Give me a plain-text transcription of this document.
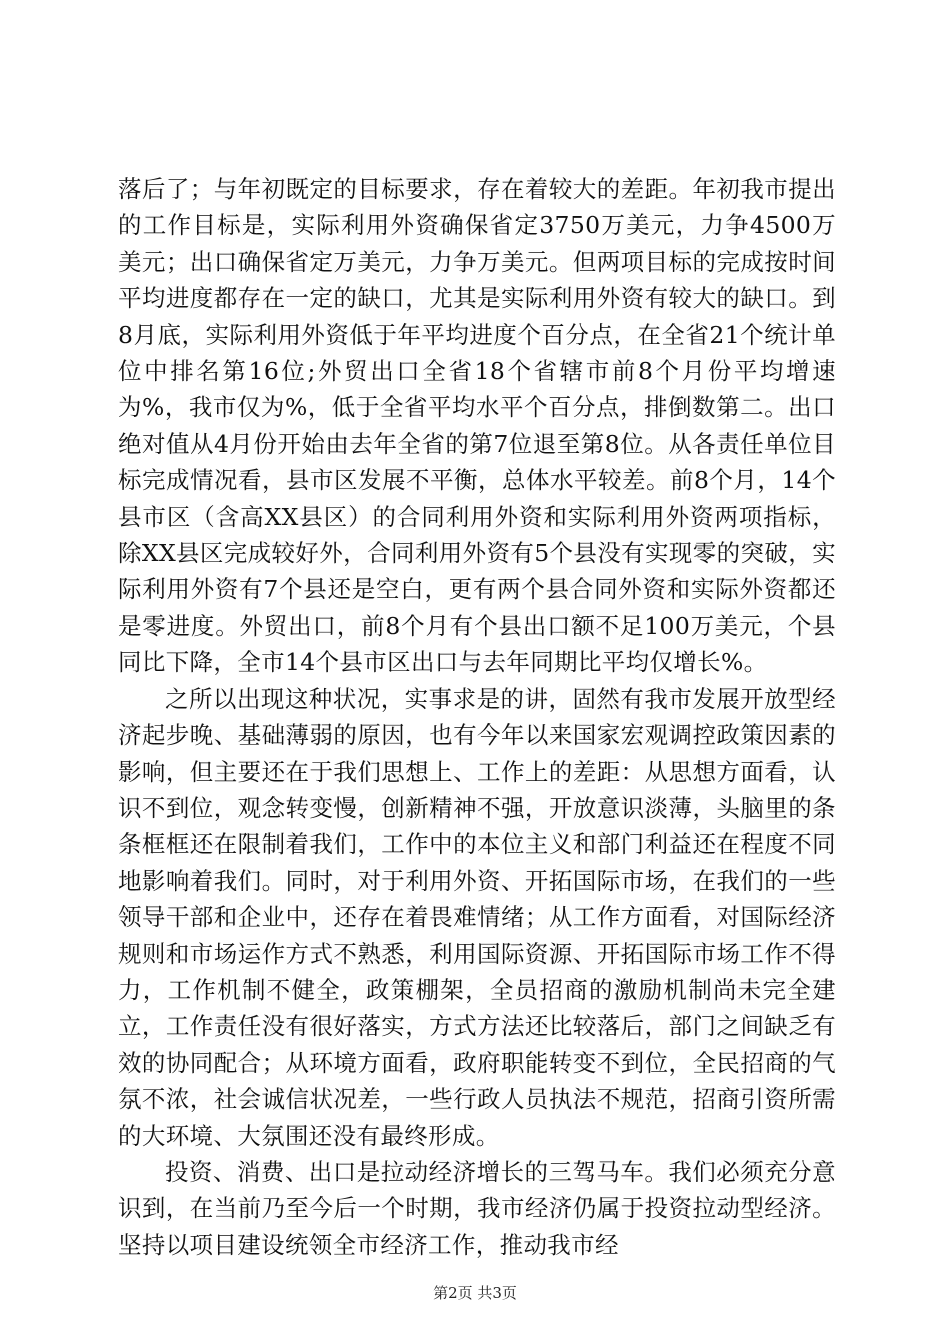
落后了；与年初既定的目标要求，存在着较大的差距。年初我市提出的工作目标是，实际利用外资确保省定3750万美元，力争4500万美元；出口确保省定万美元，力争万美元。但两项目标的完成按时间平均进度都存在一定的缺口，尤其是实际利用外资有较大的缺口。到8月底，实际利用外资低于年平均进度个百分点，在全省21个统计单位中排名第16位;外贸出口全省18个省辖市前8个月份平均增速为%，我市仅为%，低于全省平均水平个百分点，排倒数第二。出口绝对值从4月份开始由去年全省的第7位退至第8位。从各责任单位目标完成情况看，县市区发展不平衡，总体水平较差。前8个月，14个县市区（含高XX县区）的合同利用外资和实际利用外资两项指标，除XX县区完成较好外，合同利用外资有5个县没有实现零的突破，实际利用外资有7个县还是空白，更有两个县合同外资和实际外资都还是零进度。外贸出口，前8个月有个县出口额不足100万美元，个县同比下降，全市14个县市区出口与去年同期比平均仅增长%。

之所以出现这种状况，实事求是的讲，固然有我市发展开放型经济起步晚、基础薄弱的原因，也有今年以来国家宏观调控政策因素的影响，但主要还在于我们思想上、工作上的差距：从思想方面看，认识不到位，观念转变慢，创新精神不强，开放意识淡薄，头脑里的条条框框还在限制着我们，工作中的本位主义和部门利益还在程度不同地影响着我们。同时，对于利用外资、开拓国际市场，在我们的一些领导干部和企业中，还存在着畏难情绪；从工作方面看，对国际经济规则和市场运作方式不熟悉，利用国际资源、开拓国际市场工作不得力，工作机制不健全，政策棚架，全员招商的激励机制尚未完全建立，工作责任没有很好落实，方式方法还比较落后，部门之间缺乏有效的协同配合；从环境方面看，政府职能转变不到位，全民招商的气氛不浓，社会诚信状况差，一些行政人员执法不规范，招商引资所需的大环境、大氛围还没有最终形成。

投资、消费、出口是拉动经济增长的三驾马车。我们必须充分意识到，在当前乃至今后一个时期，我市经济仍属于投资拉动型经济。坚持以项目建设统领全市经济工作，推动我市经

第2页 共3页
